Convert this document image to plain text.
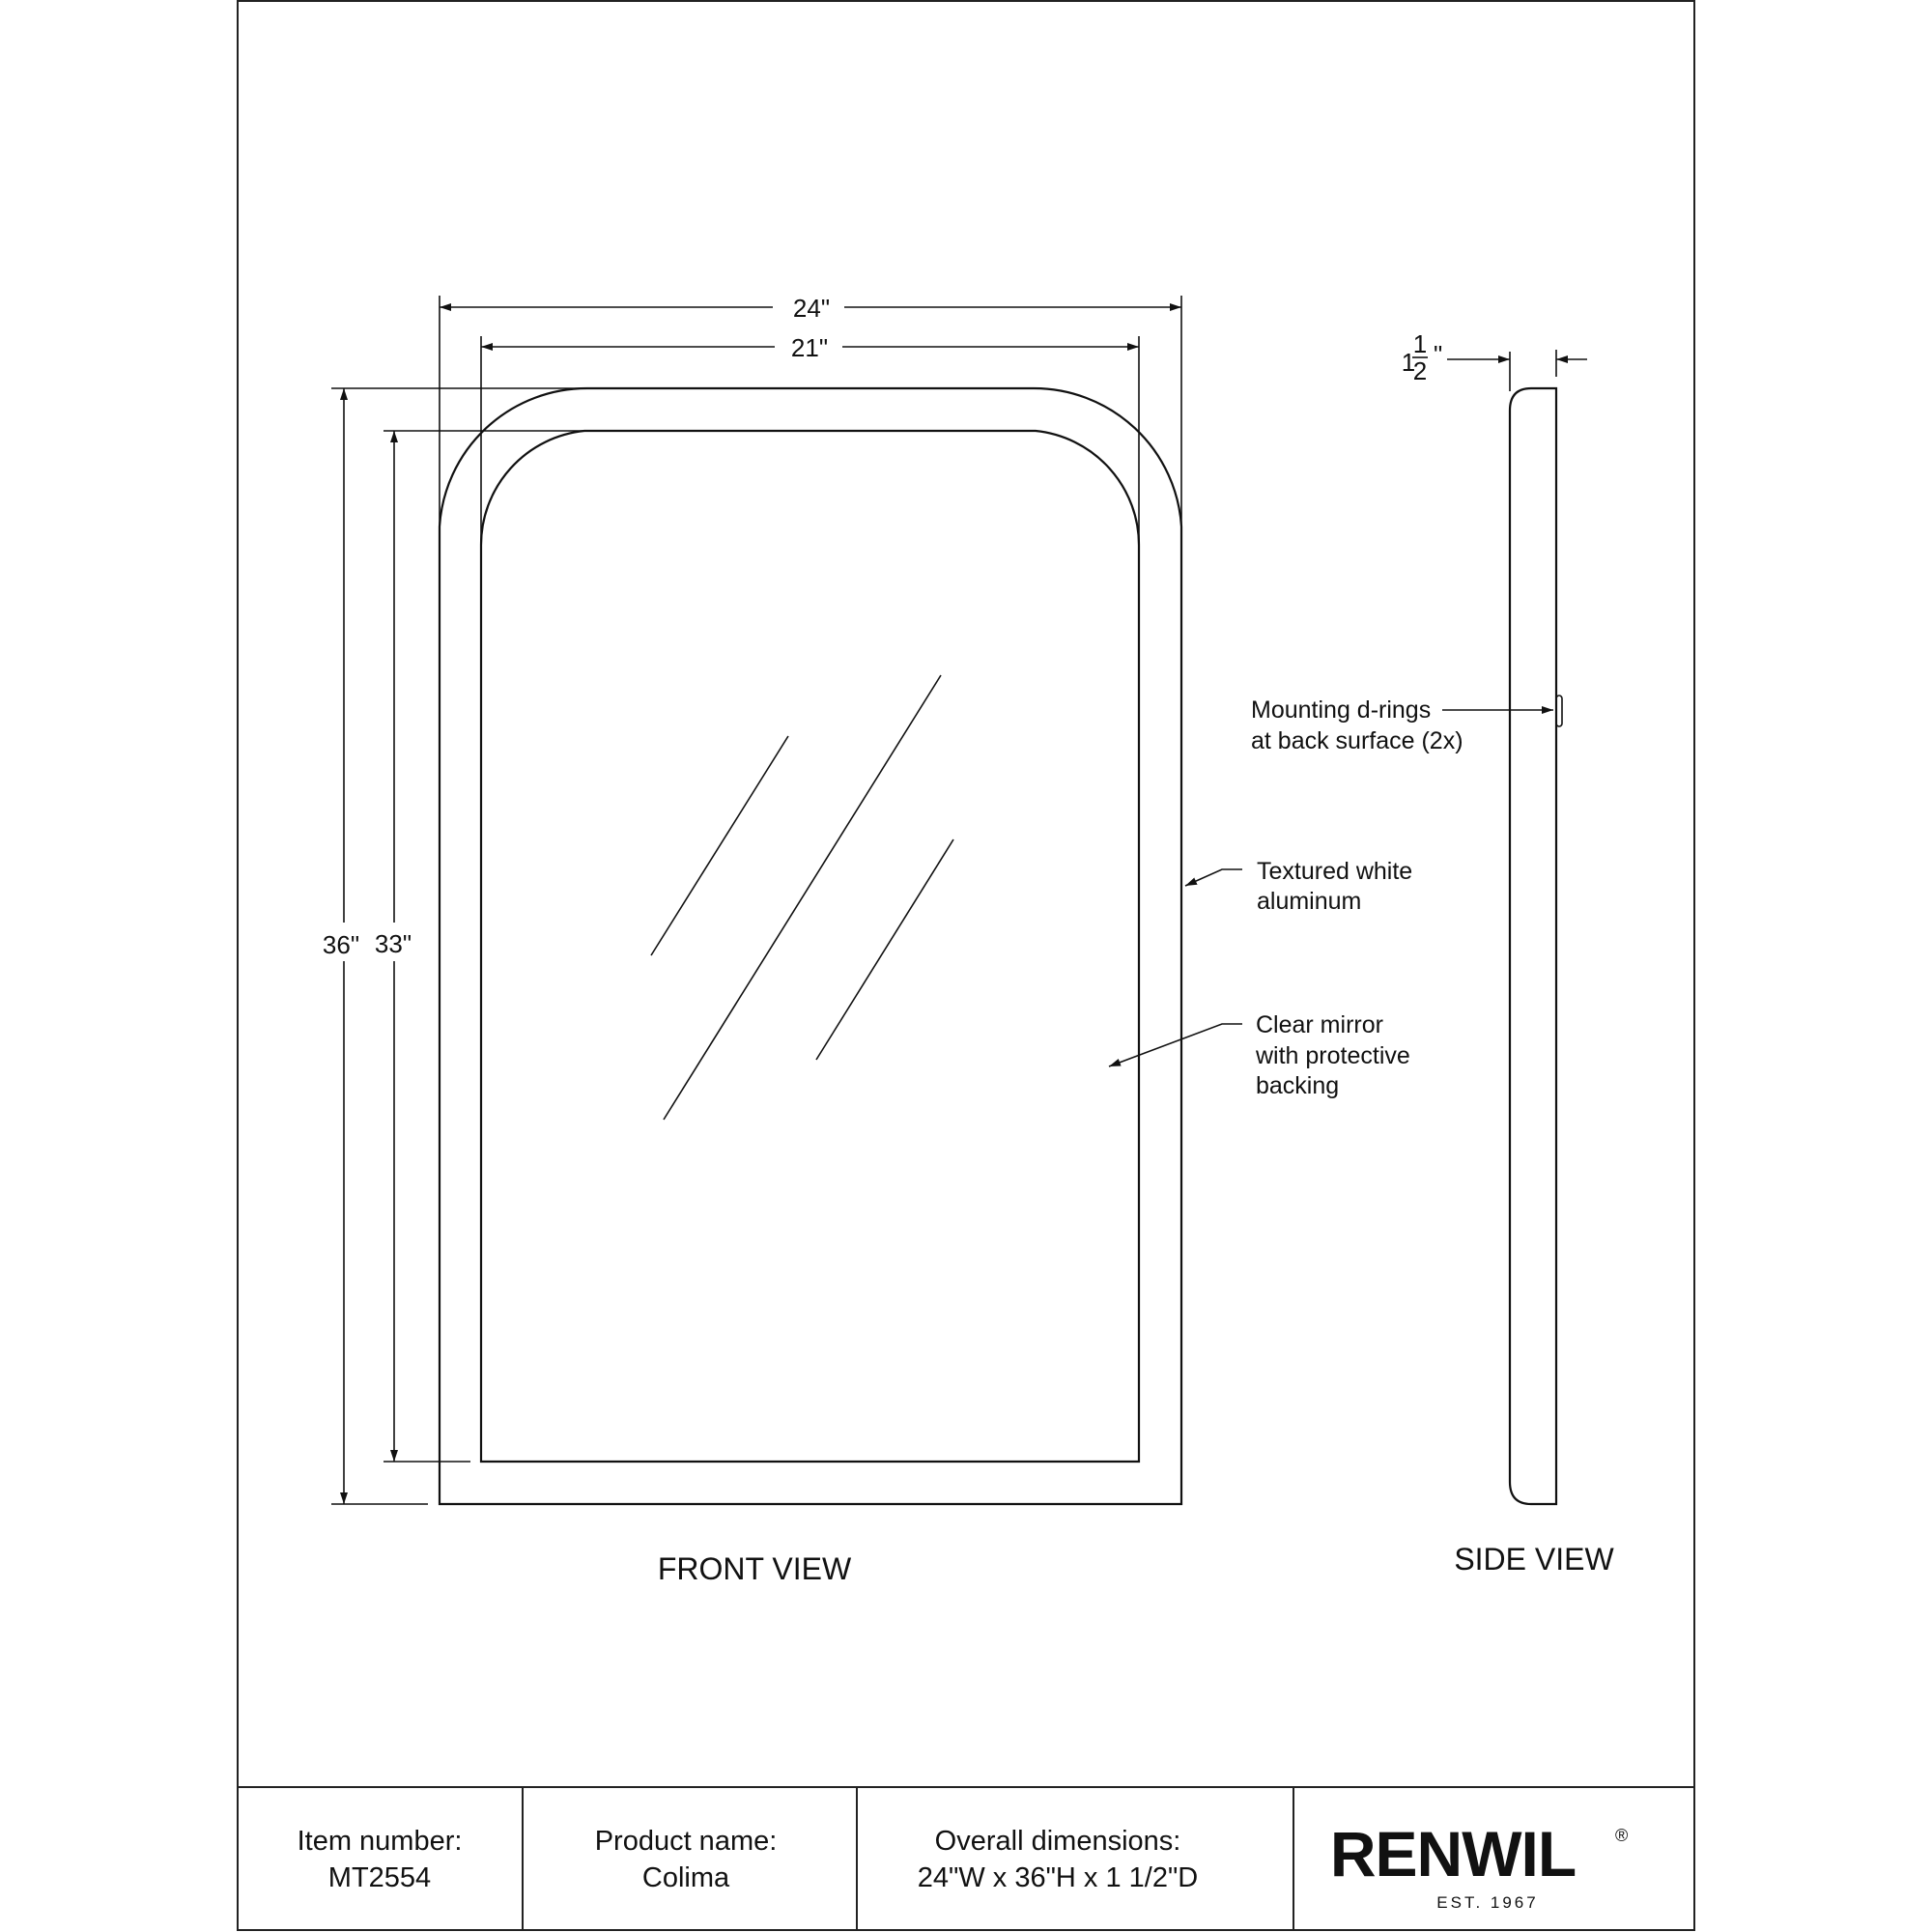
24"
21"
36" 33"
FRONT VIEW
1
1
2
"
SIDE VIEW
Mounting d-rings
at back surface (2x)
Textured white
aluminum
Clear mirror
with protective
backing
Item number:
MT2554
Product name:
Colima
Overall dimensions:
24"W x 36"H x 1 1/2"D RENWIL ®
EST. 1967
